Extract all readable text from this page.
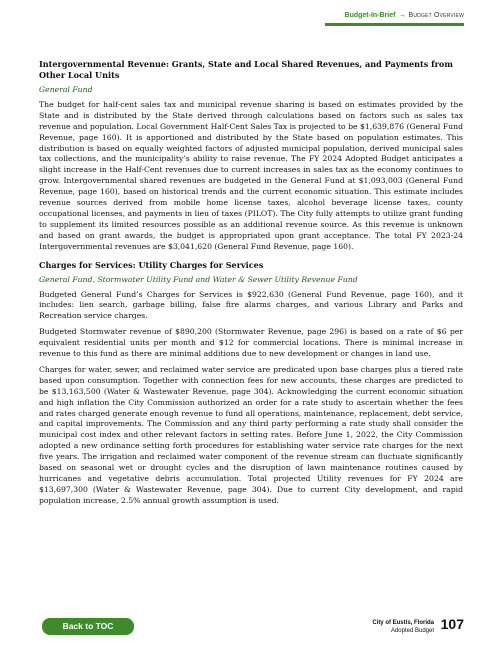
Budget-In-Brief → Budget Overview
Intergovernmental Revenue: Grants, State and Local Shared Revenues, and Payments from Other Local Units
General Fund

The budget for half-cent sales tax and municipal revenue sharing is based on estimates provided by the State and is distributed by the State derived through calculations based on factors such as sales tax revenue and population. Local Government Half-Cent Sales Tax is projected to be $1,639,876 (General Fund Revenue, page 160). It is apportioned and distributed by the State based on population estimates. This distribution is based on equally weighted factors of adjusted municipal population, derived municipal sales tax collections, and the municipality’s ability to raise revenue. The FY 2024 Adopted Budget anticipates a slight increase in the Half-Cent revenues due to current increases in sales tax as the economy continues to grow. Intergovernmental shared revenues are budgeted in the General Fund at $1,093,003 (General Fund Revenue, page 160), based on historical trends and the current economic situation. This estimate includes revenue sources derived from mobile home license taxes, alcohol beverage license taxes, county occupational licenses, and payments in lieu of taxes (PILOT). The City fully attempts to utilize grant funding to supplement its limited resources possible as an additional revenue source. As this revenue is unknown and based on grant awards, the budget is appropriated upon grant acceptance. The total FY 2023-24 Intergovernmental revenues are $3,041,620 (General Fund Revenue, page 160).

Charges for Services: Utility Charges for Services
General Fund, Stormwater Utility Fund and Water & Sewer Utility Revenue Fund

Budgeted General Fund’s Charges for Services is $922,630 (General Fund Revenue, page 160), and it includes: lien search, garbage billing, false fire alarms charges, and various Library and Parks and Recreation service charges.

Budgeted Stormwater revenue of $890,200 (Stormwater Revenue, page 296) is based on a rate of $6 per equivalent residential units per month and $12 for commercial locations. There is minimal increase in revenue to this fund as there are minimal additions due to new development or changes in land use.

Charges for water, sewer, and reclaimed water service are predicated upon base charges plus a tiered rate based upon consumption. Together with connection fees for new accounts, these charges are predicted to be $13,163,500 (Water & Wastewater Revenue, page 304). Acknowledging the current economic situation and high inflation the City Commission authorized an order for a rate study to ascertain whether the fees and rates charged generate enough revenue to fund all operations, maintenance, replacement, debt service, and capital improvements. The Commission and any third party performing a rate study shall consider the municipal cost index and other relevant factors in setting rates. Before June 1, 2022, the City Commission adopted a new ordinance setting forth procedures for establishing water service rate charges for the next five years. The irrigation and reclaimed water component of the revenue stream can fluctuate significantly based on seasonal wet or drought cycles and the disruption of lawn maintenance routines caused by hurricanes and vegetative debris accumulation. Total projected Utility revenues for FY 2024 are $13,697,300 (Water & Wastewater Revenue, page 304). Due to current City development, and rapid population increase, 2.5% annual growth assumption is used.

Back to TOC	City of Eustis, Florida
Adopted Budget 107
